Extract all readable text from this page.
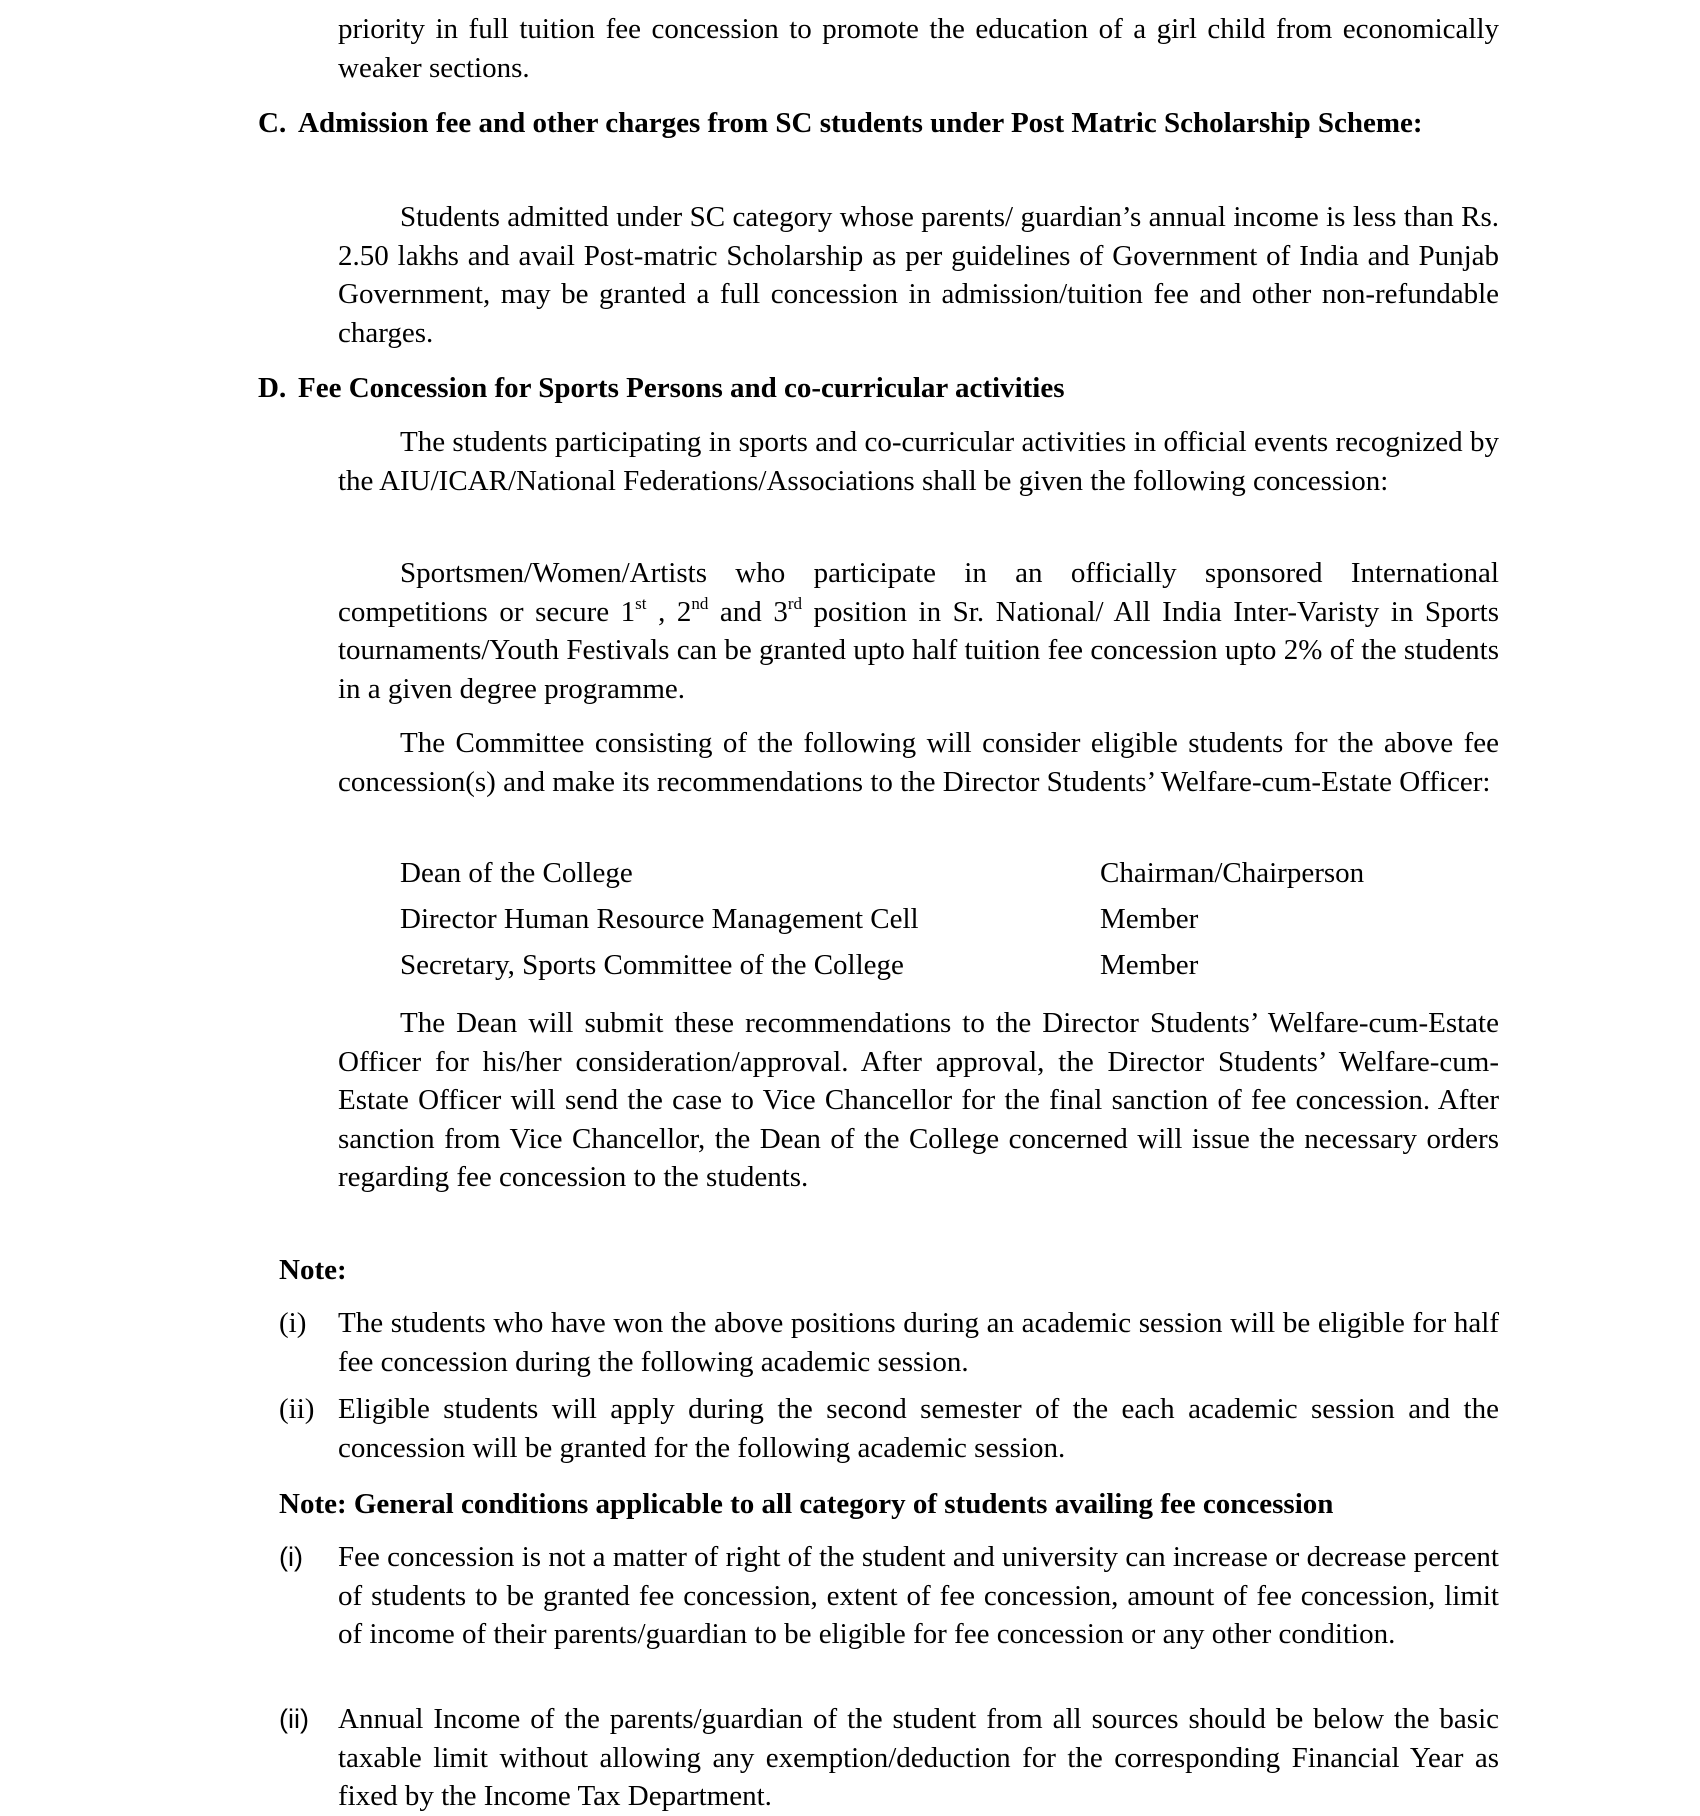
priority in full tuition fee concession to promote the education of a girl child from economically weaker sections.

C. Admission fee and other charges from SC students under Post Matric Scholarship Scheme:

Students admitted under SC category whose parents/ guardian’s annual income is less than Rs. 2.50 lakhs and avail Post-matric Scholarship as per guidelines of Government of India and Punjab Government, may be granted a full concession in admission/tuition fee and other non-refundable charges.

D. Fee Concession for Sports Persons and co-curricular activities

The students participating in sports and co-curricular activities in official events recognized by the AIU/ICAR/National Federations/Associations shall be given the following concession:

Sportsmen/Women/Artists who participate in an officially sponsored International competitions or secure 1st , 2nd and 3rd position in Sr. National/ All India Inter-Varisty in Sports tournaments/Youth Festivals can be granted upto half tuition fee concession upto 2% of the students in a given degree programme.

The Committee consisting of the following will consider eligible students for the above fee concession(s) and make its recommendations to the Director Students’ Welfare-cum-Estate Officer:

Dean of the College	Chairman/Chairperson
Director Human Resource Management Cell	Member
Secretary, Sports Committee of the College	Member

The Dean will submit these recommendations to the Director Students’ Welfare-cum-Estate Officer for his/her consideration/approval. After approval, the Director Students’ Welfare-cum-Estate Officer will send the case to Vice Chancellor for the final sanction of fee concession. After sanction from Vice Chancellor, the Dean of the College concerned will issue the necessary orders regarding fee concession to the students.

Note:
(i) The students who have won the above positions during an academic session will be eligible for half fee concession during the following academic session.
(ii) Eligible students will apply during the second semester of the each academic session and the concession will be granted for the following academic session.
Note: General conditions applicable to all category of students availing fee concession
(i) Fee concession is not a matter of right of the student and university can increase or decrease percent of students to be granted fee concession, extent of fee concession, amount of fee concession, limit of income of their parents/guardian to be eligible for fee concession or any other condition.
(ii) Annual Income of the parents/guardian of the student from all sources should be below the basic taxable limit without allowing any exemption/deduction for the corresponding Financial Year as fixed by the Income Tax Department.
